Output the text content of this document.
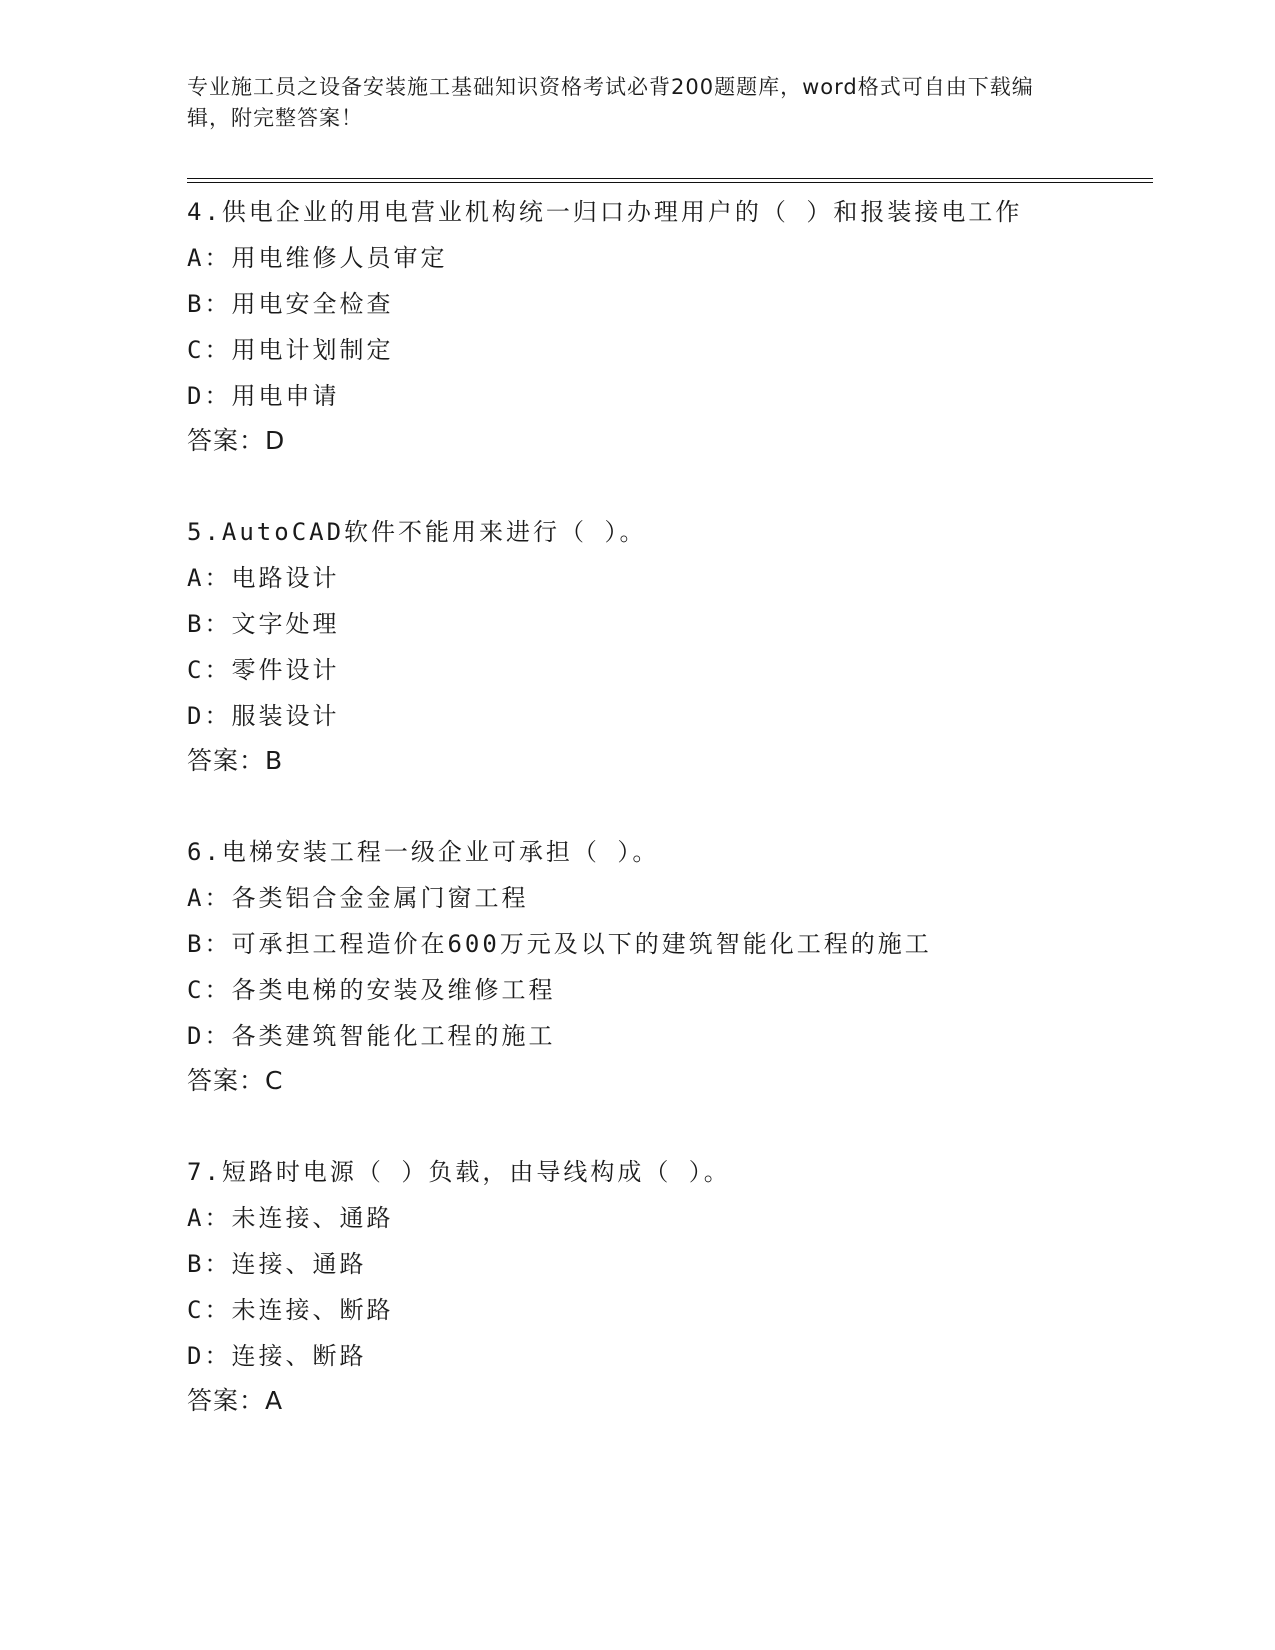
专业施工员之设备安装施工基础知识资格考试必背200题题库，word格式可自由下载编辑，附完整答案！
4.供电企业的用电营业机构统一归口办理用户的（ ）和报装接电工作
A：用电维修人员审定
B：用电安全检查
C：用电计划制定
D：用电申请
答案：D
5.AutoCAD软件不能用来进行（ ）。
A：电路设计
B：文字处理
C：零件设计
D：服装设计
答案：B
6.电梯安装工程一级企业可承担（ ）。
A：各类铝合金金属门窗工程
B：可承担工程造价在600万元及以下的建筑智能化工程的施工
C：各类电梯的安装及维修工程
D：各类建筑智能化工程的施工
答案：C
7.短路时电源（ ）负载，由导线构成（ ）。
A：未连接、通路
B：连接、通路
C：未连接、断路
D：连接、断路
答案：A
